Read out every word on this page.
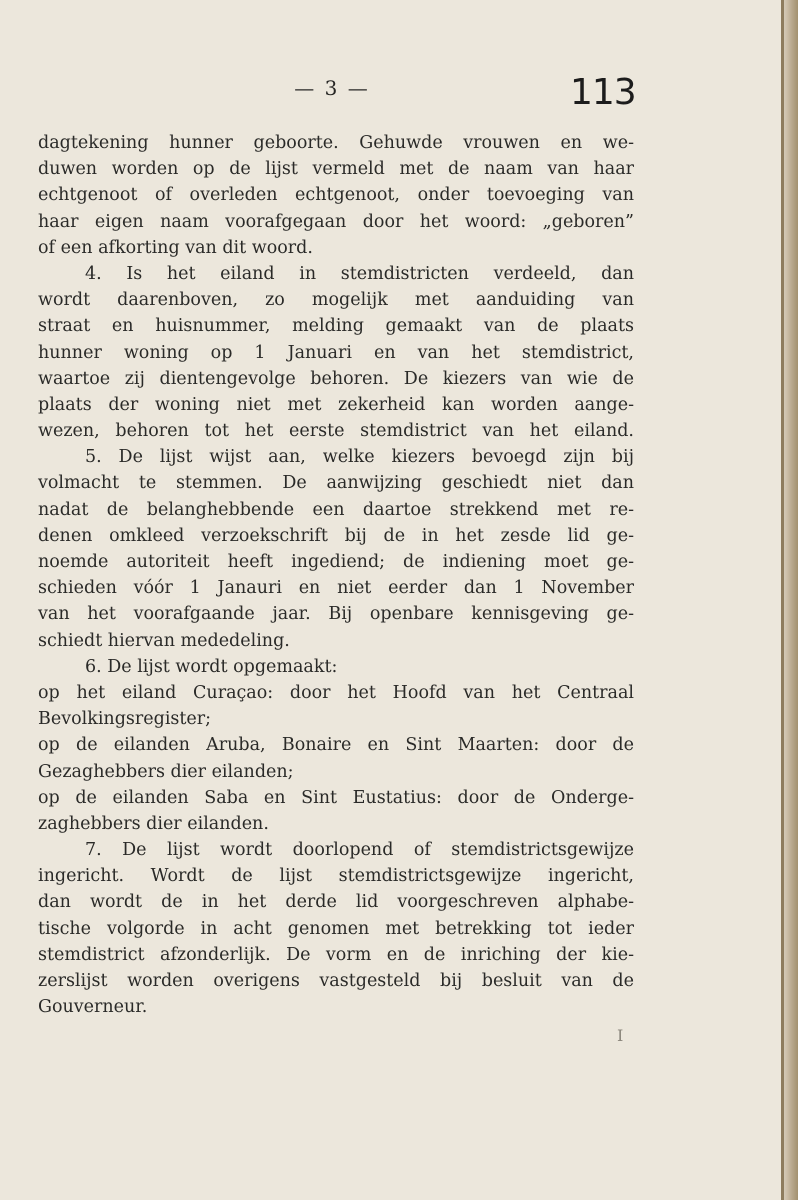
— 3 —	113
dagtekening hunner geboorte. Gehuwde vrouwen en we-
duwen worden op de lijst vermeld met de naam van haar
echtgenoot of overleden echtgenoot, onder toevoeging van
haar eigen naam voorafgegaan door het woord: „geboren”
of een afkorting van dit woord.
4. Is het eiland in stemdistricten verdeeld, dan
wordt daarenboven, zo mogelijk met aanduiding van
straat en huisnummer, melding gemaakt van de plaats
hunner woning op 1 Januari en van het stemdistrict,
waartoe zij dientengevolge behoren. De kiezers van wie de
plaats der woning niet met zekerheid kan worden aange-
wezen, behoren tot het eerste stemdistrict van het eiland.
5. De lijst wijst aan, welke kiezers bevoegd zijn bij
volmacht te stemmen. De aanwijzing geschiedt niet dan
nadat de belanghebbende een daartoe strekkend met re-
denen omkleed verzoekschrift bij de in het zesde lid ge-
noemde autoriteit heeft ingediend; de indiening moet ge-
schieden vóór 1 Janauri en niet eerder dan 1 November
van het voorafgaande jaar. Bij openbare kennisgeving ge-
schiedt hiervan mededeling.
6. De lijst wordt opgemaakt:
op het eiland Curaçao: door het Hoofd van het Centraal
Bevolkingsregister;
op de eilanden Aruba, Bonaire en Sint Maarten: door de
Gezaghebbers dier eilanden;
op de eilanden Saba en Sint Eustatius: door de Onderge-
zaghebbers dier eilanden.
7. De lijst wordt doorlopend of stemdistrictsgewijze
ingericht. Wordt de lijst stemdistrictsgewijze ingericht,
dan wordt de in het derde lid voorgeschreven alphabe-
tische volgorde in acht genomen met betrekking tot ieder
stemdistrict afzonderlijk. De vorm en de inriching der kie-
zerslijst worden overigens vastgesteld bij besluit van de
Gouverneur.
I
